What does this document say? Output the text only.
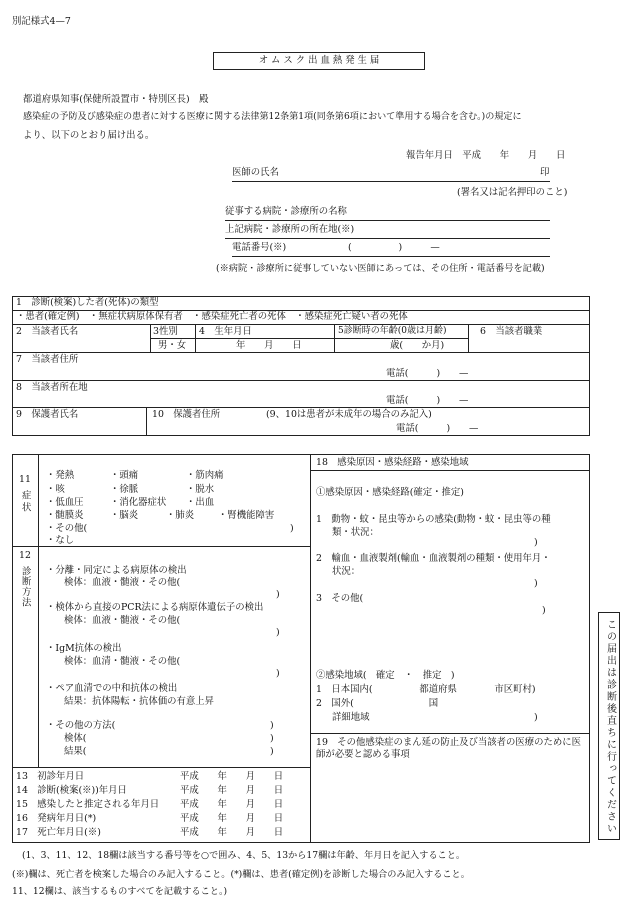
別記様式4—7
オ ム ス ク 出 血 熱 発 生 届
都道府県知事(保健所設置市・特別区長)　殿
感染症の予防及び感染症の患者に対する医療に関する法律第12条第1項(同条第6項において準用する場合を含む。)の規定に
より、以下のとおり届け出る。
報告年月日　平成　　年　　月　　日
医師の氏名	印
(署名又は記名押印のこと)
従事する病院・診療所の名称
上記病院・診療所の所在地(※)
電話番号(※)	(　　　　　)　　　—
(※病院・診療所に従事していない医師にあっては、その住所・電話番号を記載)
1　診断(検案)した者(死体)の類型
・患者(確定例)　・無症状病原体保有者　・感染症死亡者の死体　・感染症死亡疑い者の死体
2　当該者氏名	3性別 4　生年月日	5診断時の年齢(0歳は月齢)	6　当該者職業
男・女	年　　月　　日	歳(　　か月)
7　当該者住所
電話(　　　)　　—
8　当該者所在地
電話(　　　)　　—
9　保護者氏名	10　保護者住所	(9、10は患者が未成年の場合のみ記入)
電話(　　　)　　—
11
症状
・発熱	・頭痛	・筋肉痛
・咳	・徐脈	・脱水
・低血圧	・消化器症状 ・出血
・髄膜炎	・脳炎	・肺炎	・腎機能障害
・その他(	)
・なし
12
診断方法 ・分離・同定による病原体の検出
検体：血液・髄液・その他(
)
・検体から直接のPCR法による病原体遺伝子の検出
検体：血液・髄液・その他(
)
・IgM抗体の検出
検体：血清・髄液・その他(
)
・ペア血清での中和抗体の検出
結果：抗体陽転・抗体価の有意上昇
・その他の方法(	)
検体(	)
結果(	)
13　初診年月日	平成　　年　　月　　日
14　診断(検案(※))年月日	平成　　年　　月　　日
15　感染したと推定される年月日 平成　　年　　月　　日
16　発病年月日(*)	平成　　年　　月　　日
17　死亡年月日(※)	平成　　年　　月　　日
18　感染原因・感染経路・感染地域
①感染原因・感染経路(確定・推定)
1　動物・蚊・昆虫等からの感染(動物・蚊・昆虫等の種
類・状況：
)
2　輸血・血液製剤(輸血・血液製剤の種類・使用年月・
状況：
)
3　その他(
)
②感染地域(　確定　・　推定　)
1　日本国内(　　　　　都道府県　　　　市区町村)
2　国外(　　　　　　　　国
詳細地域	)
19　その他感染症のまん延の防止及び当該者の医療のために医師が必要と認める事項	この届出は診断後直ちに行ってください
(1、3、11、12、18欄は該当する番号等を○で囲み、4、5、13から17欄は年齢、年月日を記入すること。
(※)欄は、死亡者を検案した場合のみ記入すること。(*)欄は、患者(確定例)を診断した場合のみ記入すること。
11、12欄は、該当するものすべてを記載すること。)
